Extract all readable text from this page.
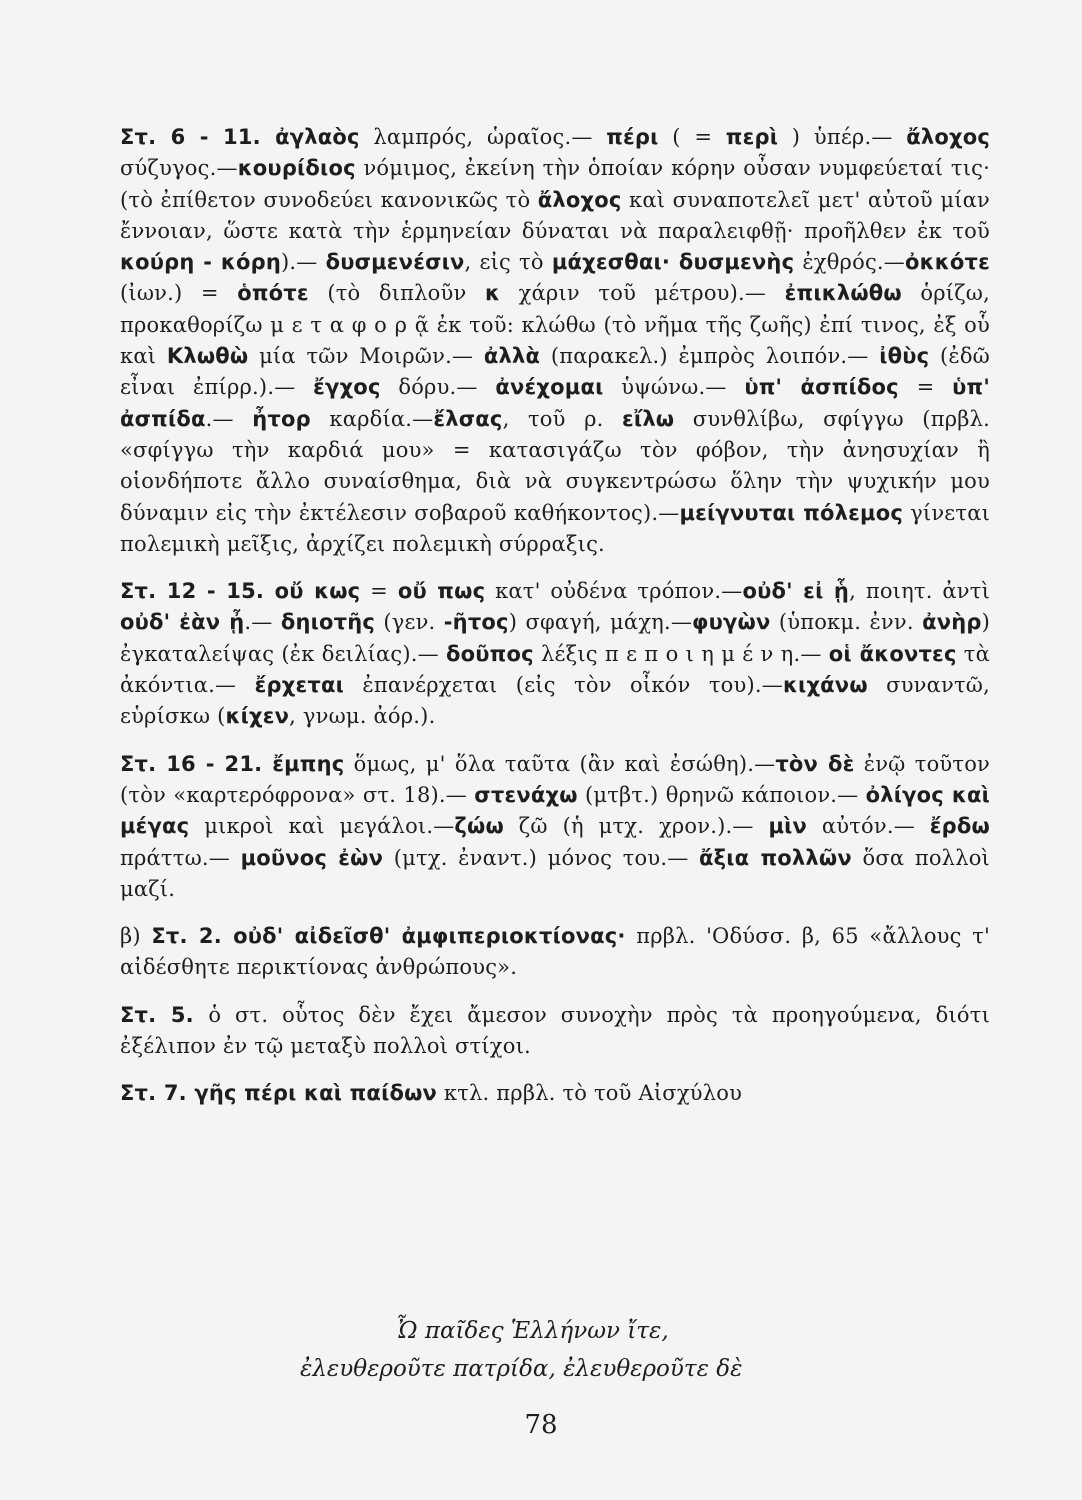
Στ. 6 - 11. ἀγλαὸς λαμπρός, ὡραῖος.— πέρι ( = περὶ ) ὑπέρ.— ἄλοχος σύζυγος.—κουρίδιος νόμιμος, ἐκείνη τὴν ὁποίαν κόρην οὖσαν νυμφεύεταί τις· (τὸ ἐπίθετον συνοδεύει κανονικῶς τὸ ἄλοχος καὶ συναποτελεῖ μετ' αὐτοῦ μίαν ἔννοιαν, ὥστε κατὰ τὴν ἑρμηνείαν δύναται νὰ παραλειφθῇ· προῆλθεν ἐκ τοῦ κούρη - κόρη).— δυσμενέσιν, εἰς τὸ μάχεσθαι· δυσμενὴς ἐχθρός.—ὀκκότε (ἰων.) = ὁπότε (τὸ διπλοῦν κ χάριν τοῦ μέτρου).— ἐπικλώθω ὁρίζω, προκαθορίζω μ ε τ α φ ο ρ ᾷ ἐκ τοῦ: κλώθω (τὸ νῆμα τῆς ζωῆς) ἐπί τινος, ἐξ οὗ καὶ Κλωθὼ μία τῶν Μοιρῶν.— ἀλλὰ (παρακελ.) ἐμπρὸς λοιπόν.— ἰθὺς (ἐδῶ εἶναι ἐπίρρ.).— ἔγχος δόρυ.— ἀνέχομαι ὑψώνω.— ὑπ' ἀσπίδος = ὑπ' ἀσπίδα.— ἦτορ καρδία.—ἔλσας, τοῦ ρ. εἴλω συνθλίβω, σφίγγω (πρβλ. «σφίγγω τὴν καρδιά μου» = κατασιγάζω τὸν φόβον, τὴν ἀνησυχίαν ἢ οἱονδήποτε ἄλλο συναίσθημα, διὰ νὰ συγκεντρώσω ὅλην τὴν ψυχικήν μου δύναμιν εἰς τὴν ἐκτέλεσιν σοβαροῦ καθήκοντος).—μείγνυται πόλεμος γίνεται πολεμικὴ μεῖξις, ἀρχίζει πολεμικὴ σύρραξις.

Στ. 12 - 15. οὔ κως = οὔ πως κατ' οὐδένα τρόπον.—οὐδ' εἰ ᾗ, ποιητ. ἀντὶ οὐδ' ἐὰν ᾖ.— δηιοτῆς (γεν. -ῆτος) σφαγή, μάχη.—φυγὼν (ὑποκμ. ἐνν. ἀνὴρ) ἐγκαταλείψας (ἐκ δειλίας).— δοῦπος λέξις π ε π ο ι η μ έ ν η.— οἱ ἄκοντες τὰ ἀκόντια.— ἔρχεται ἐπανέρχεται (εἰς τὸν οἶκόν του).—κιχάνω συναντῶ, εὑρίσκω (κίχεν, γνωμ. ἀόρ.).

Στ. 16 - 21. ἔμπης ὅμως, μ' ὅλα ταῦτα (ἂν καὶ ἐσώθη).—τὸν δὲ ἐνῷ τοῦτον (τὸν «καρτερόφρονα» στ. 18).— στενάχω (μτβτ.) θρηνῶ κάποιον.— ὀλίγος καὶ μέγας μικροὶ καὶ μεγάλοι.—ζώω ζῶ (ἡ μτχ. χρον.).— μὶν αὐτόν.— ἔρδω πράττω.— μοῦνος ἐὼν (μτχ. ἐναντ.) μόνος του.— ἄξια πολλῶν ὅσα πολλοὶ μαζί.

β) Στ. 2. οὐδ' αἰδεῖσθ' ἀμφιπεριοκτίονας· πρβλ. 'Οδύσσ. β, 65 «ἄλλους τ' αἰδέσθητε περικτίονας ἀνθρώπους».

Στ. 5. ὁ στ. οὗτος δὲν ἔχει ἄμεσον συνοχὴν πρὸς τὰ προηγούμενα, διότι ἐξέλιπον ἐν τῷ μεταξὺ πολλοὶ στίχοι.

Στ. 7. γῆς πέρι καὶ παίδων κτλ. πρβλ. τὸ τοῦ Αἰσχύλου

Ὦ παῖδες Ἑλλήνων ἴτε,
ἐλευθεροῦτε πατρίδα, ἐλευθεροῦτε δὲ
78
